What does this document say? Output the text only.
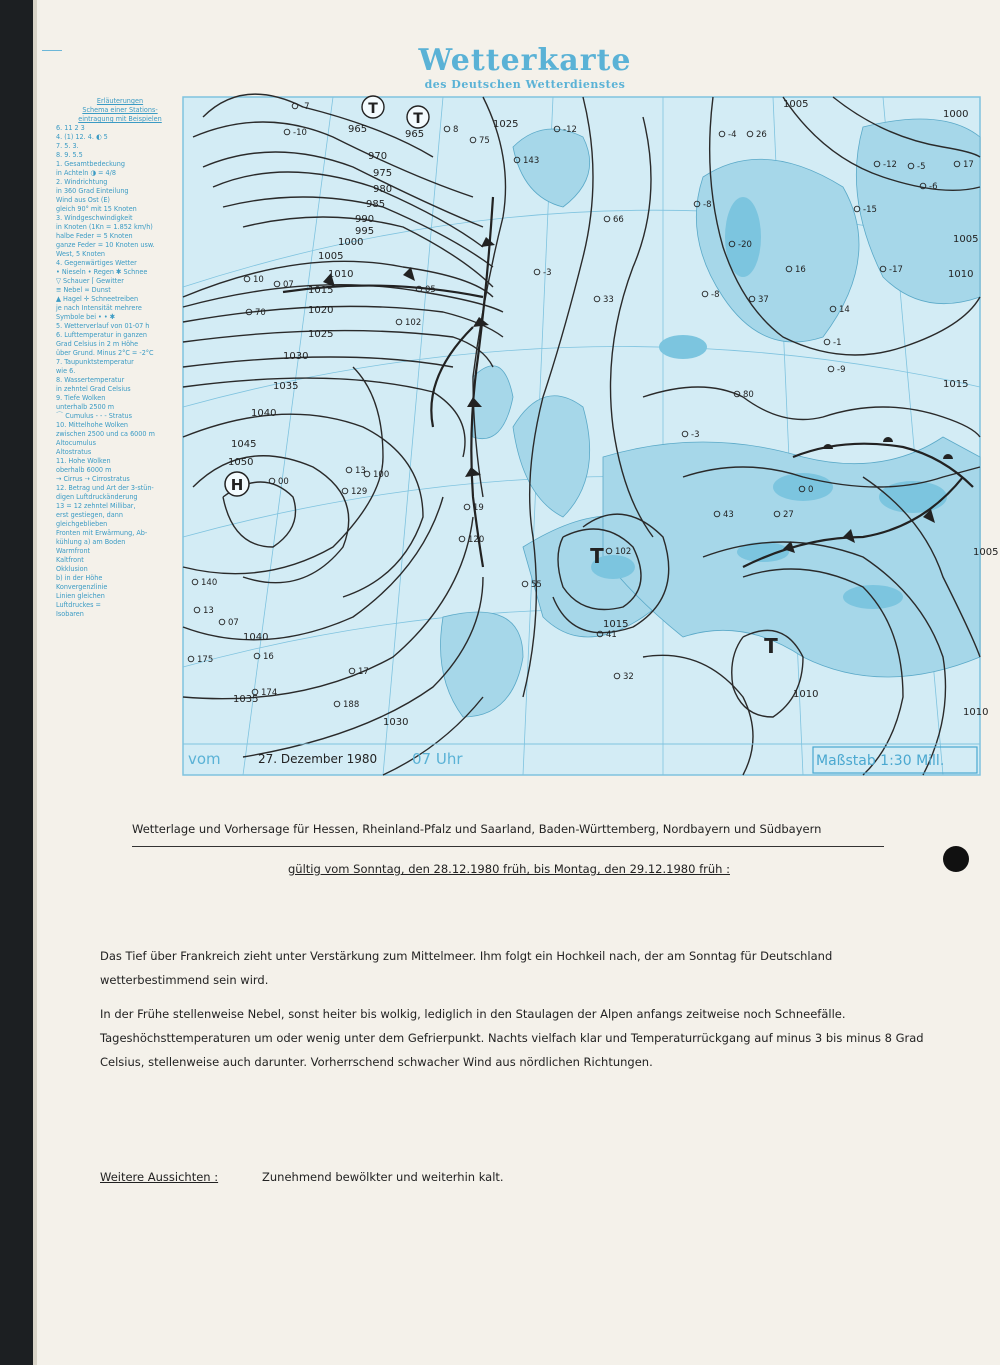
Wetterkarte
des Deutschen Wetterdienstes
Erläuterungen
Schema einer Stations-
eintragung mit Beispielen
6. 11 2 3
4. (1) 12. 4. ◐ 5
7. 5. 3.
8. 9. 5.5
1. Gesamtbedeckung
in Achteln ◑ = 4/8
2. Windrichtung
in 360 Grad Einteilung
Wind aus Ost (E)
gleich 90° mit 15 Knoten
3. Windgeschwindigkeit
in Knoten (1Kn = 1.852 km/h)
halbe Feder = 5 Knoten
ganze Feder = 10 Knoten usw.
West, 5 Knoten
4. Gegenwärtiges Wetter
• Nieseln • Regen ✱ Schnee
▽ Schauer ⌈ Gewitter
≡ Nebel ∞ Dunst
▲ Hagel ✛ Schneetreiben
je nach Intensität mehrere
Symbole bei • • ✱
5. Wetterverlauf von 01-07 h
6. Lufttemperatur in ganzen
Grad Celsius in 2 m Höhe
über Grund. Minus 2°C = -2°C
7. Taupunktstemperatur
wie 6.
8. Wassertemperatur
in zehntel Grad Celsius
9. Tiefe Wolken
unterhalb 2500 m
⌒ Cumulus - - - Stratus
10. Mittelhohe Wolken
zwischen 2500 und ca 6000 m
Altocumulus
Altostratus
11. Hohe Wolken
oberhalb 6000 m
→ Cirrus ⇢ Cirrostratus
12. Betrag und Art der 3-stün-
digen Luftdruckänderung
13 = 12 zehntel Millibar,
erst gestiegen, dann
gleichgeblieben
Fronten mit Erwärmung, Ab-
kühlung a) am Boden
Warmfront
Kaltfront
Okklusion
b) in der Höhe
Konvergenzlinie
Linien gleichen
Luftdruckes =
Isobaren
H
T
T
T
T
965	965
970
975
980
985
990
995
1000
1005
1010
1015
1020
1025
1030
1035
1040
1045
1050
1040
1035
1030
1025
1015
1010
1005
1000
1005
1010
1015
1005
1010
-7
-10	8
75
143
-12
-3
66
33
-5
-6
17
10 07
70
102
05
13
129
100
00
140
13
07
175	16
174
188
17
19
120
55
102
41
32
-8
-4 26
-20
-12
-15
-17
16
-1
80
-3
27
0
14
-9
43
37
-8
vom	27. Dezember 1980 07 Uhr	Maßstab 1:30 Mill.
Wetterlage und Vorhersage für Hessen, Rheinland-Pfalz und Saarland, Baden-Württemberg, Nordbayern und Südbayern
gültig vom Sonntag, den 28.12.1980 früh, bis Montag, den 29.12.1980 früh :
Das Tief über Frankreich zieht unter Verstärkung zum Mittelmeer. Ihm folgt ein Hochkeil nach, der am Sonntag für Deutschland wetterbestimmend sein wird.
In der Frühe stellenweise Nebel, sonst heiter bis wolkig, lediglich in den Staulagen der Alpen anfangs zeitweise noch Schneefälle. Tageshöchsttemperaturen um oder wenig unter dem Gefrierpunkt. Nachts vielfach klar und Temperaturrückgang auf minus 3 bis minus 8 Grad Celsius, stellenweise auch darunter. Vorherrschend schwacher Wind aus nördlichen Richtungen.
Weitere Aussichten :	Zunehmend bewölkter und weiterhin kalt.
